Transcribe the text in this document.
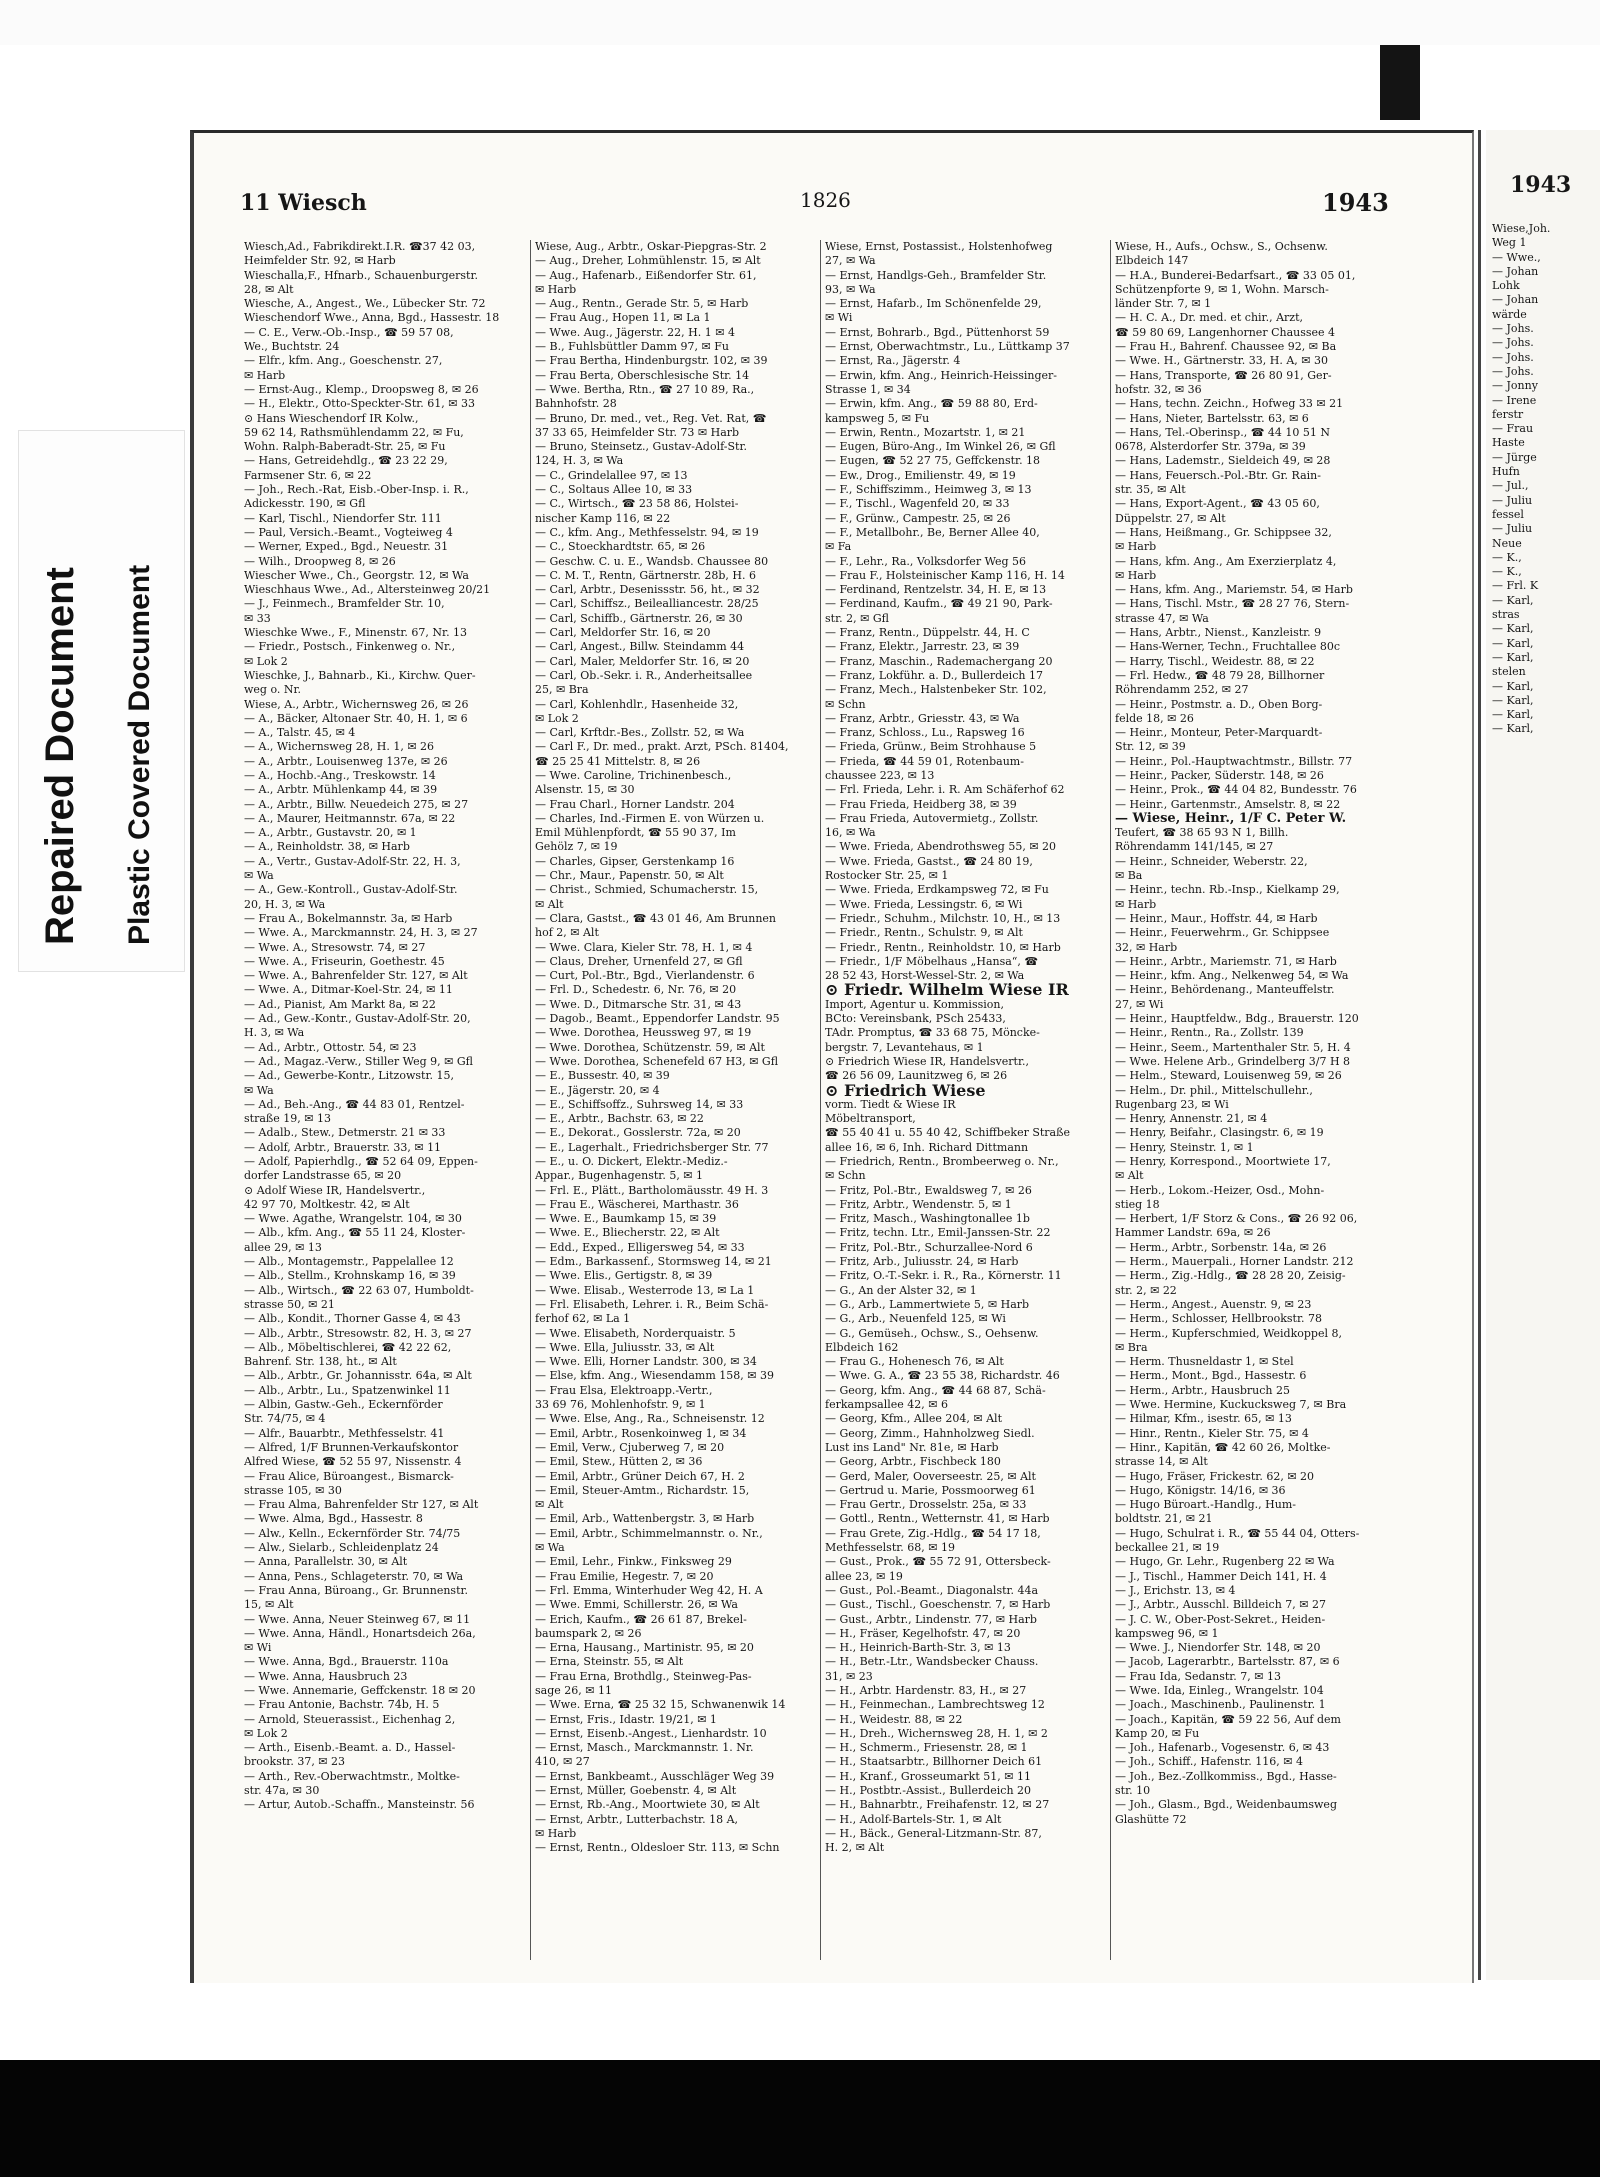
Repaired Document Plastic Covered Document
1943
Wiese,Joh.
Weg 1
— Wwe.,
— Johan
Lohk
— Johan
wärde
— Johs.
— Johs.
— Johs.
— Johs.
— Jonny
— Irene
ferstr
— Frau
Haste
— Jürge
Hufn
— Jul.,
— Juliu
fessel
— Juliu
Neue
— K.,
— K.,
— Frl. K
— Karl,
stras
— Karl,
— Karl,
— Karl,
stelen
— Karl,
— Karl,
— Karl,
— Karl,
11 Wiesch	1826	1943
Wiesch,Ad., Fabrikdirekt.I.R. ☎37 42 03,
Heimfelder Str. 92, ✉ Harb
Wieschalla,F., Hfnarb., Schauenburgerstr.
28, ✉ Alt
Wiesche, A., Angest., We., Lübecker Str. 72
Wieschendorf Wwe., Anna, Bgd., Hassestr. 18
— C. E., Verw.-Ob.-Insp., ☎ 59 57 08,
We., Buchtstr. 24
— Elfr., kfm. Ang., Goeschenstr. 27,
✉ Harb
— Ernst-Aug., Klemp., Droopsweg 8, ✉ 26
— H., Elektr., Otto-Speckter-Str. 61, ✉ 33
⊙ Hans Wieschendorf IR Kolw.,
59 62 14, Rathsmühlendamm 22, ✉ Fu,
Wohn. Ralph-Baberadt-Str. 25, ✉ Fu
— Hans, Getreidehdlg., ☎ 23 22 29,
Farmsener Str. 6, ✉ 22
— Joh., Rech.-Rat, Eisb.-Ober-Insp. i. R.,
Adickesstr. 190, ✉ Gfl
— Karl, Tischl., Niendorfer Str. 111
— Paul, Versich.-Beamt., Vogteiweg 4
— Werner, Exped., Bgd., Neuestr. 31
— Wilh., Droopweg 8, ✉ 26
Wiescher Wwe., Ch., Georgstr. 12, ✉ Wa
Wieschhaus Wwe., Ad., Altersteinweg 20/21
— J., Feinmech., Bramfelder Str. 10,
✉ 33
Wieschke Wwe., F., Minenstr. 67, Nr. 13
— Friedr., Postsch., Finkenweg o. Nr.,
✉ Lok 2
Wieschke, J., Bahnarb., Ki., Kirchw. Quer-
weg o. Nr.
Wiese, A., Arbtr., Wichernsweg 26, ✉ 26
— A., Bäcker, Altonaer Str. 40, H. 1, ✉ 6
— A., Talstr. 45, ✉ 4
— A., Wichernsweg 28, H. 1, ✉ 26
— A., Arbtr., Louisenweg 137e, ✉ 26
— A., Hochb.-Ang., Treskowstr. 14
— A., Arbtr. Mühlenkamp 44, ✉ 39
— A., Arbtr., Billw. Neuedeich 275, ✉ 27
— A., Maurer, Heitmannstr. 67a, ✉ 22
— A., Arbtr., Gustavstr. 20, ✉ 1
— A., Reinholdstr. 38, ✉ Harb
— A., Vertr., Gustav-Adolf-Str. 22, H. 3,
✉ Wa
— A., Gew.-Kontroll., Gustav-Adolf-Str.
20, H. 3, ✉ Wa
— Frau A., Bokelmannstr. 3a, ✉ Harb
— Wwe. A., Marckmannstr. 24, H. 3, ✉ 27
— Wwe. A., Stresowstr. 74, ✉ 27
— Wwe. A., Friseurin, Goethestr. 45
— Wwe. A., Bahrenfelder Str. 127, ✉ Alt
— Wwe. A., Ditmar-Koel-Str. 24, ✉ 11
— Ad., Pianist, Am Markt 8a, ✉ 22
— Ad., Gew.-Kontr., Gustav-Adolf-Str. 20,
H. 3, ✉ Wa
— Ad., Arbtr., Ottostr. 54, ✉ 23
— Ad., Magaz.-Verw., Stiller Weg 9, ✉ Gfl
— Ad., Gewerbe-Kontr., Litzowstr. 15,
✉ Wa
— Ad., Beh.-Ang., ☎ 44 83 01, Rentzel-
straße 19, ✉ 13
— Adalb., Stew., Detmerstr. 21 ✉ 33
— Adolf, Arbtr., Brauerstr. 33, ✉ 11
— Adolf, Papierhdlg., ☎ 52 64 09, Eppen-
dorfer Landstrasse 65, ✉ 20
⊙ Adolf Wiese IR, Handelsvertr.,
42 97 70, Moltkestr. 42, ✉ Alt
— Wwe. Agathe, Wrangelstr. 104, ✉ 30
— Alb., kfm. Ang., ☎ 55 11 24, Kloster-
allee 29, ✉ 13
— Alb., Montagemstr., Pappelallee 12
— Alb., Stellm., Krohnskamp 16, ✉ 39
— Alb., Wirtsch., ☎ 22 63 07, Humboldt-
strasse 50, ✉ 21
— Alb., Kondit., Thorner Gasse 4, ✉ 43
— Alb., Arbtr., Stresowstr. 82, H. 3, ✉ 27
— Alb., Möbeltischlerei, ☎ 42 22 62,
Bahrenf. Str. 138, ht., ✉ Alt
— Alb., Arbtr., Gr. Johannisstr. 64a, ✉ Alt
— Alb., Arbtr., Lu., Spatzenwinkel 11
— Albin, Gastw.-Geh., Eckernförder
Str. 74/75, ✉ 4
— Alfr., Bauarbtr., Methfesselstr. 41
— Alfred, 1/F Brunnen-Verkaufskontor
Alfred Wiese, ☎ 52 55 97, Nissenstr. 4
— Frau Alice, Büroangest., Bismarck-
strasse 105, ✉ 30
— Frau Alma, Bahrenfelder Str 127, ✉ Alt
— Wwe. Alma, Bgd., Hassestr. 8
— Alw., Kelln., Eckernförder Str. 74/75
— Alw., Sielarb., Schleidenplatz 24
— Anna, Parallelstr. 30, ✉ Alt
— Anna, Pens., Schlageterstr. 70, ✉ Wa
— Frau Anna, Büroang., Gr. Brunnenstr.
15, ✉ Alt
— Wwe. Anna, Neuer Steinweg 67, ✉ 11
— Wwe. Anna, Händl., Honartsdeich 26a,
✉ Wi
— Wwe. Anna, Bgd., Brauerstr. 110a
— Wwe. Anna, Hausbruch 23
— Wwe. Annemarie, Geffckenstr. 18 ✉ 20
— Frau Antonie, Bachstr. 74b, H. 5
— Arnold, Steuerassist., Eichenhag 2,
✉ Lok 2
— Arth., Eisenb.-Beamt. a. D., Hassel-
brookstr. 37, ✉ 23
— Arth., Rev.-Oberwachtmstr., Moltke-
str. 47a, ✉ 30
— Artur, Autob.-Schaffn., Mansteinstr. 56
Wiese, Aug., Arbtr., Oskar-Piepgras-Str. 2
— Aug., Dreher, Lohmühlenstr. 15, ✉ Alt
— Aug., Hafenarb., Eißendorfer Str. 61,
✉ Harb
— Aug., Rentn., Gerade Str. 5, ✉ Harb
— Frau Aug., Hopen 11, ✉ La 1
— Wwe. Aug., Jägerstr. 22, H. 1 ✉ 4
— B., Fuhlsbüttler Damm 97, ✉ Fu
— Frau Bertha, Hindenburgstr. 102, ✉ 39
— Frau Berta, Oberschlesische Str. 14
— Wwe. Bertha, Rtn., ☎ 27 10 89, Ra.,
Bahnhofstr. 28
— Bruno, Dr. med., vet., Reg. Vet. Rat, ☎
37 33 65, Heimfelder Str. 73 ✉ Harb
— Bruno, Steinsetz., Gustav-Adolf-Str.
124, H. 3, ✉ Wa
— C., Grindelallee 97, ✉ 13
— C., Soltaus Allee 10, ✉ 33
— C., Wirtsch., ☎ 23 58 86, Holstei-
nischer Kamp 116, ✉ 22
— C., kfm. Ang., Methfesselstr. 94, ✉ 19
— C., Stoeckhardtstr. 65, ✉ 26
— Geschw. C. u. E., Wandsb. Chaussee 80
— C. M. T., Rentn, Gärtnerstr. 28b, H. 6
— Carl, Arbtr., Desenissstr. 56, ht., ✉ 32
— Carl, Schiffsz., Beilealliancestr. 28/25
— Carl, Schiffb., Gärtnerstr. 26, ✉ 30
— Carl, Meldorfer Str. 16, ✉ 20
— Carl, Angest., Billw. Steindamm 44
— Carl, Maler, Meldorfer Str. 16, ✉ 20
— Carl, Ob.-Sekr. i. R., Anderheitsallee
25, ✉ Bra
— Carl, Kohlenhdlr., Hasenheide 32,
✉ Lok 2
— Carl, Krftdr.-Bes., Zollstr. 52, ✉ Wa
— Carl F., Dr. med., prakt. Arzt, PSch. 81404,
☎ 25 25 41 Mittelstr. 8, ✉ 26
— Wwe. Caroline, Trichinenbesch.,
Alsenstr. 15, ✉ 30
— Frau Charl., Horner Landstr. 204
— Charles, Ind.-Firmen E. von Würzen u.
Emil Mühlenpfordt, ☎ 55 90 37, Im
Gehölz 7, ✉ 19
— Charles, Gipser, Gerstenkamp 16
— Chr., Maur., Papenstr. 50, ✉ Alt
— Christ., Schmied, Schumacherstr. 15,
✉ Alt
— Clara, Gastst., ☎ 43 01 46, Am Brunnen
hof 2, ✉ Alt
— Wwe. Clara, Kieler Str. 78, H. 1, ✉ 4
— Claus, Dreher, Urnenfeld 27, ✉ Gfl
— Curt, Pol.-Btr., Bgd., Vierlandenstr. 6
— Frl. D., Schedestr. 6, Nr. 76, ✉ 20
— Wwe. D., Ditmarsche Str. 31, ✉ 43
— Dagob., Beamt., Eppendorfer Landstr. 95
— Wwe. Dorothea, Heussweg 97, ✉ 19
— Wwe. Dorothea, Schützenstr. 59, ✉ Alt
— Wwe. Dorothea, Schenefeld 67 H3, ✉ Gfl
— E., Bussestr. 40, ✉ 39
— E., Jägerstr. 20, ✉ 4
— E., Schiffsoffz., Suhrsweg 14, ✉ 33
— E., Arbtr., Bachstr. 63, ✉ 22
— E., Dekorat., Gosslerstr. 72a, ✉ 20
— E., Lagerhalt., Friedrichsberger Str. 77
— E., u. O. Dickert, Elektr.-Mediz.-
Appar., Bugenhagenstr. 5, ✉ 1
— Frl. E., Plätt., Bartholomäusstr. 49 H. 3
— Frau E., Wäscherei, Marthastr. 36
— Wwe. E., Baumkamp 15, ✉ 39
— Wwe. E., Bliecherstr. 22, ✉ Alt
— Edd., Exped., Elligersweg 54, ✉ 33
— Edm., Barkassenf., Stormsweg 14, ✉ 21
— Wwe. Elis., Gertigstr. 8, ✉ 39
— Wwe. Elisab., Westerrode 13, ✉ La 1
— Frl. Elisabeth, Lehrer. i. R., Beim Schä-
ferhof 62, ✉ La 1
— Wwe. Elisabeth, Norderquaistr. 5
— Wwe. Ella, Juliusstr. 33, ✉ Alt
— Wwe. Elli, Horner Landstr. 300, ✉ 34
— Else, kfm. Ang., Wiesendamm 158, ✉ 39
— Frau Elsa, Elektroapp.-Vertr.,
33 69 76, Mohlenhofstr. 9, ✉ 1
— Wwe. Else, Ang., Ra., Schneisenstr. 12
— Emil, Arbtr., Rosenkoinweg 1, ✉ 34
— Emil, Verw., Cjuberweg 7, ✉ 20
— Emil, Stew., Hütten 2, ✉ 36
— Emil, Arbtr., Grüner Deich 67, H. 2
— Emil, Steuer-Amtm., Richardstr. 15,
✉ Alt
— Emil, Arb., Wattenbergstr. 3, ✉ Harb
— Emil, Arbtr., Schimmelmannstr. o. Nr.,
✉ Wa
— Emil, Lehr., Finkw., Finksweg 29
— Frau Emilie, Hegestr. 7, ✉ 20
— Frl. Emma, Winterhuder Weg 42, H. A
— Wwe. Emmi, Schillerstr. 26, ✉ Wa
— Erich, Kaufm., ☎ 26 61 87, Brekel-
baumspark 2, ✉ 26
— Erna, Hausang., Martinistr. 95, ✉ 20
— Erna, Steinstr. 55, ✉ Alt
— Frau Erna, Brothdlg., Steinweg-Pas-
sage 26, ✉ 11
— Wwe. Erna, ☎ 25 32 15, Schwanenwik 14
— Ernst, Fris., Idastr. 19/21, ✉ 1
— Ernst, Eisenb.-Angest., Lienhardstr. 10
— Ernst, Masch., Marckmannstr. 1. Nr.
410, ✉ 27
— Ernst, Bankbeamt., Ausschläger Weg 39
— Ernst, Müller, Goebenstr. 4, ✉ Alt
— Ernst, Rb.-Ang., Moortwiete 30, ✉ Alt
— Ernst, Arbtr., Lutterbachstr. 18 A,
✉ Harb
— Ernst, Rentn., Oldesloer Str. 113, ✉ Schn
Wiese, Ernst, Postassist., Holstenhofweg
27, ✉ Wa
— Ernst, Handlgs-Geh., Bramfelder Str.
93, ✉ Wa
— Ernst, Hafarb., Im Schönenfelde 29,
✉ Wi
— Ernst, Bohrarb., Bgd., Püttenhorst 59
— Ernst, Oberwachtmstr., Lu., Lüttkamp 37
— Ernst, Ra., Jägerstr. 4
— Erwin, kfm. Ang., Heinrich-Heissinger-
Strasse 1, ✉ 34
— Erwin, kfm. Ang., ☎ 59 88 80, Erd-
kampsweg 5, ✉ Fu
— Erwin, Rentn., Mozartstr. 1, ✉ 21
— Eugen, Büro-Ang., Im Winkel 26, ✉ Gfl
— Eugen, ☎ 52 27 75, Geffckenstr. 18
— Ew., Drog., Emilienstr. 49, ✉ 19
— F., Schiffszimm., Heimweg 3, ✉ 13
— F., Tischl., Wagenfeld 20, ✉ 33
— F., Grünw., Campestr. 25, ✉ 26
— F., Metallbohr., Be, Berner Allee 40,
✉ Fa
— F., Lehr., Ra., Volksdorfer Weg 56
— Frau F., Holsteinischer Kamp 116, H. 14
— Ferdinand, Rentzelstr. 34, H. E, ✉ 13
— Ferdinand, Kaufm., ☎ 49 21 90, Park-
str. 2, ✉ Gfl
— Franz, Rentn., Düppelstr. 44, H. C
— Franz, Elektr., Jarrestr. 23, ✉ 39
— Franz, Maschin., Rademachergang 20
— Franz, Lokführ. a. D., Bullerdeich 17
— Franz, Mech., Halstenbeker Str. 102,
✉ Schn
— Franz, Arbtr., Griesstr. 43, ✉ Wa
— Franz, Schloss., Lu., Rapsweg 16
— Frieda, Grünw., Beim Strohhause 5
— Frieda, ☎ 44 59 01, Rotenbaum-
chaussee 223, ✉ 13
— Frl. Frieda, Lehr. i. R. Am Schäferhof 62
— Frau Frieda, Heidberg 38, ✉ 39
— Frau Frieda, Autovermietg., Zollstr.
16, ✉ Wa
— Wwe. Frieda, Abendrothsweg 55, ✉ 20
— Wwe. Frieda, Gastst., ☎ 24 80 19,
Rostocker Str. 25, ✉ 1
— Wwe. Frieda, Erdkampsweg 72, ✉ Fu
— Wwe. Frieda, Lessingstr. 6, ✉ Wi
— Friedr., Schuhm., Milchstr. 10, H., ✉ 13
— Friedr., Rentn., Schulstr. 9, ✉ Alt
— Friedr., Rentn., Reinholdstr. 10, ✉ Harb
— Friedr., 1/F Möbelhaus „Hansa“, ☎
28 52 43, Horst-Wessel-Str. 2, ✉ Wa
⊙ Friedr. Wilhelm Wiese IR
Import, Agentur u. Kommission,
BCto: Vereinsbank, PSch 25433,
TAdr. Promptus, ☎ 33 68 75, Möncke-
bergstr. 7, Levantehaus, ✉ 1
⊙ Friedrich Wiese IR, Handelsvertr.,
☎ 26 56 09, Launitzweg 6, ✉ 26
⊙ Friedrich Wiese
vorm. Tiedt & Wiese IR
Möbeltransport,
☎ 55 40 41 u. 55 40 42, Schiffbeker Straße
allee 16, ✉ 6, Inh. Richard Dittmann
— Friedrich, Rentn., Brombeerweg o. Nr.,
✉ Schn
— Fritz, Pol.-Btr., Ewaldsweg 7, ✉ 26
— Fritz, Arbtr., Wendenstr. 5, ✉ 1
— Fritz, Masch., Washingtonallee 1b
— Fritz, techn. Ltr., Emil-Janssen-Str. 22
— Fritz, Pol.-Btr., Schurzallee-Nord 6
— Fritz, Arb., Juliusstr. 24, ✉ Harb
— Fritz, O.-T.-Sekr. i. R., Ra., Körnerstr. 11
— G., An der Alster 32, ✉ 1
— G., Arb., Lammertwiete 5, ✉ Harb
— G., Arb., Neuenfeld 125, ✉ Wi
— G., Gemüseh., Ochsw., S., Oehsenw.
Elbdeich 162
— Frau G., Hohenesch 76, ✉ Alt
— Wwe. G. A., ☎ 23 55 38, Richardstr. 46
— Georg, kfm. Ang., ☎ 44 68 87, Schä-
ferkampsallee 42, ✉ 6
— Georg, Kfm., Allee 204, ✉ Alt
— Georg, Zimm., Hahnholzweg Siedl.
Lust ins Land" Nr. 81e, ✉ Harb
— Georg, Arbtr., Fischbeck 180
— Gerd, Maler, Ooverseestr. 25, ✉ Alt
— Gertrud u. Marie, Possmoorweg 61
— Frau Gertr., Drosselstr. 25a, ✉ 33
— Gottl., Rentn., Wetternstr. 41, ✉ Harb
— Frau Grete, Zig.-Hdlg., ☎ 54 17 18,
Methfesselstr. 68, ✉ 19
— Gust., Prok., ☎ 55 72 91, Ottersbeck-
allee 23, ✉ 19
— Gust., Pol.-Beamt., Diagonalstr. 44a
— Gust., Tischl., Goeschenstr. 7, ✉ Harb
— Gust., Arbtr., Lindenstr. 77, ✉ Harb
— H., Fräser, Kegelhofstr. 47, ✉ 20
— H., Heinrich-Barth-Str. 3, ✉ 13
— H., Betr.-Ltr., Wandsbecker Chauss.
31, ✉ 23
— H., Arbtr. Hardenstr. 83, H., ✉ 27
— H., Feinmechan., Lambrechtsweg 12
— H., Weidestr. 88, ✉ 22
— H., Dreh., Wichernsweg 28, H. 1, ✉ 2
— H., Schmerm., Friesenstr. 28, ✉ 1
— H., Staatsarbtr., Billhorner Deich 61
— H., Kranf., Grosseumarkt 51, ✉ 11
— H., Postbtr.-Assist., Bullerdeich 20
— H., Bahnarbtr., Freihafenstr. 12, ✉ 27
— H., Adolf-Bartels-Str. 1, ✉ Alt
— H., Bäck., General-Litzmann-Str. 87,
H. 2, ✉ Alt
Wiese, H., Aufs., Ochsw., S., Ochsenw.
Elbdeich 147
— H.A., Bunderei-Bedarfsart., ☎ 33 05 01,
Schützenpforte 9, ✉ 1, Wohn. Marsch-
länder Str. 7, ✉ 1
— H. C. A., Dr. med. et chir., Arzt,
☎ 59 80 69, Langenhorner Chaussee 4
— Frau H., Bahrenf. Chaussee 92, ✉ Ba
— Wwe. H., Gärtnerstr. 33, H. A, ✉ 30
— Hans, Transporte, ☎ 26 80 91, Ger-
hofstr. 32, ✉ 36
— Hans, techn. Zeichn., Hofweg 33 ✉ 21
— Hans, Nieter, Bartelsstr. 63, ✉ 6
— Hans, Tel.-Oberinsp., ☎ 44 10 51 N
0678, Alsterdorfer Str. 379a, ✉ 39
— Hans, Lademstr., Sieldeich 49, ✉ 28
— Hans, Feuersch.-Pol.-Btr. Gr. Rain-
str. 35, ✉ Alt
— Hans, Export-Agent., ☎ 43 05 60,
Düppelstr. 27, ✉ Alt
— Hans, Heißmang., Gr. Schippsee 32,
✉ Harb
— Hans, kfm. Ang., Am Exerzierplatz 4,
✉ Harb
— Hans, kfm. Ang., Mariemstr. 54, ✉ Harb
— Hans, Tischl. Mstr., ☎ 28 27 76, Stern-
strasse 47, ✉ Wa
— Hans, Arbtr., Nienst., Kanzleistr. 9
— Hans-Werner, Techn., Fruchtallee 80c
— Harry, Tischl., Weidestr. 88, ✉ 22
— Frl. Hedw., ☎ 48 79 28, Billhorner
Röhrendamm 252, ✉ 27
— Heinr., Postmstr. a. D., Oben Borg-
felde 18, ✉ 26
— Heinr., Monteur, Peter-Marquardt-
Str. 12, ✉ 39
— Heinr., Pol.-Hauptwachtmstr., Billstr. 77
— Heinr., Packer, Süderstr. 148, ✉ 26
— Heinr., Prok., ☎ 44 04 82, Bundesstr. 76
— Heinr., Gartenmstr., Amselstr. 8, ✉ 22
— Wiese, Heinr., 1/F C. Peter W.
Teufert, ☎ 38 65 93 N 1, Billh.
Röhrendamm 141/145, ✉ 27
— Heinr., Schneider, Weberstr. 22,
✉ Ba
— Heinr., techn. Rb.-Insp., Kielkamp 29,
✉ Harb
— Heinr., Maur., Hoffstr. 44, ✉ Harb
— Heinr., Feuerwehrm., Gr. Schippsee
32, ✉ Harb
— Heinr., Arbtr., Mariemstr. 71, ✉ Harb
— Heinr., kfm. Ang., Nelkenweg 54, ✉ Wa
— Heinr., Behördenang., Manteuffelstr.
27, ✉ Wi
— Heinr., Hauptfeldw., Bdg., Brauerstr. 120
— Heinr., Rentn., Ra., Zollstr. 139
— Heinr., Seem., Martenthaler Str. 5, H. 4
— Wwe. Helene Arb., Grindelberg 3/7 H 8
— Helm., Steward, Louisenweg 59, ✉ 26
— Helm., Dr. phil., Mittelschullehr.,
Rugenbarg 23, ✉ Wi
— Henry, Annenstr. 21, ✉ 4
— Henry, Beifahr., Clasingstr. 6, ✉ 19
— Henry, Steinstr. 1, ✉ 1
— Henry, Korrespond., Moortwiete 17,
✉ Alt
— Herb., Lokom.-Heizer, Osd., Mohn-
stieg 18
— Herbert, 1/F Storz & Cons., ☎ 26 92 06,
Hammer Landstr. 69a, ✉ 26
— Herm., Arbtr., Sorbenstr. 14a, ✉ 26
— Herm., Mauerpali., Horner Landstr. 212
— Herm., Zig.-Hdlg., ☎ 28 28 20, Zeisig-
str. 2, ✉ 22
— Herm., Angest., Auenstr. 9, ✉ 23
— Herm., Schlosser, Hellbrookstr. 78
— Herm., Kupferschmied, Weidkoppel 8,
✉ Bra
— Herm. Thusneldastr 1, ✉ Stel
— Herm., Mont., Bgd., Hassestr. 6
— Herm., Arbtr., Hausbruch 25
— Wwe. Hermine, Kuckucksweg 7, ✉ Bra
— Hilmar, Kfm., isestr. 65, ✉ 13
— Hinr., Rentn., Kieler Str. 75, ✉ 4
— Hinr., Kapitän, ☎ 42 60 26, Moltke-
strasse 14, ✉ Alt
— Hugo, Fräser, Frickestr. 62, ✉ 20
— Hugo, Königstr. 14/16, ✉ 36
— Hugo Büroart.-Handlg., Hum-
boldtstr. 21, ✉ 21
— Hugo, Schulrat i. R., ☎ 55 44 04, Otters-
beckallee 21, ✉ 19
— Hugo, Gr. Lehr., Rugenberg 22 ✉ Wa
— J., Tischl., Hammer Deich 141, H. 4
— J., Erichstr. 13, ✉ 4
— J., Arbtr., Ausschl. Billdeich 7, ✉ 27
— J. C. W., Ober-Post-Sekret., Heiden-
kampsweg 96, ✉ 1
— Wwe. J., Niendorfer Str. 148, ✉ 20
— Jacob, Lagerarbtr., Bartelsstr. 87, ✉ 6
— Frau Ida, Sedanstr. 7, ✉ 13
— Wwe. Ida, Einleg., Wrangelstr. 104
— Joach., Maschinenb., Paulinenstr. 1
— Joach., Kapitän, ☎ 59 22 56, Auf dem
Kamp 20, ✉ Fu
— Joh., Hafenarb., Vogesenstr. 6, ✉ 43
— Joh., Schiff., Hafenstr. 116, ✉ 4
— Joh., Bez.-Zollkommiss., Bgd., Hasse-
str. 10
— Joh., Glasm., Bgd., Weidenbaumsweg
Glashütte 72
